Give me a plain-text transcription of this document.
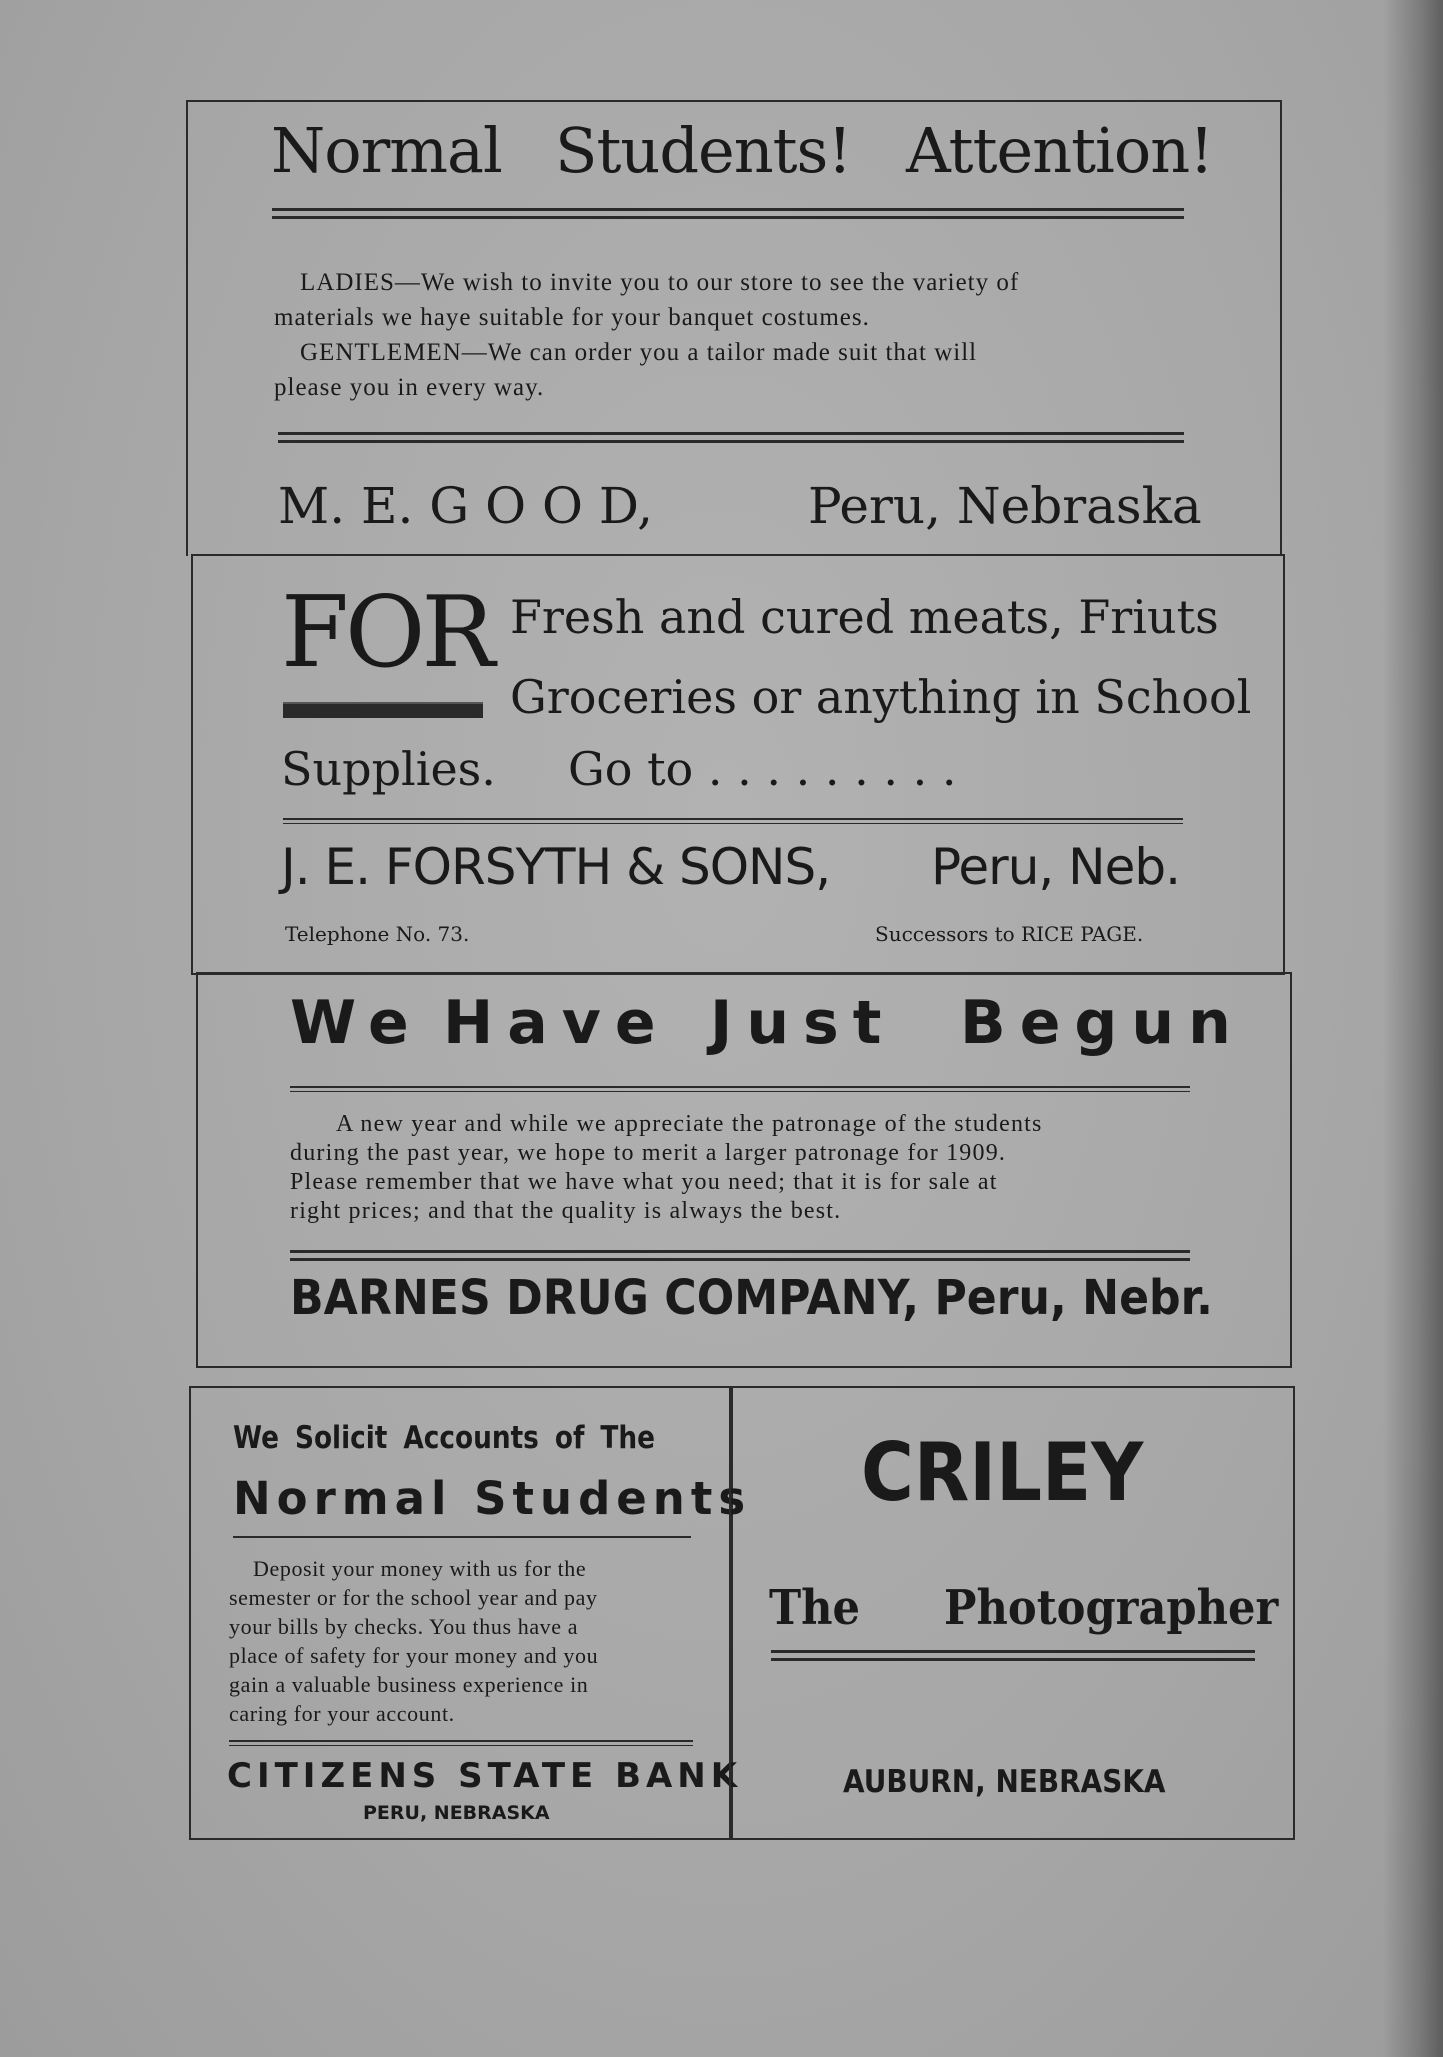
Normal Students! Attention!
LADIES—We wish to invite you to our store to see the variety of
materials we haye suitable for your banquet costumes.
GENTLEMEN—We can order you a tailor made suit that will
please you in every way.
M. E. G O O D,	Peru, Nebraska
FOR Fresh and cured meats, Friuts
Groceries or anything in School
Supplies. Go to . . . . . . . . .
J. E. FORSYTH & SONS, Peru, Neb.
Telephone No. 73.	Successors to RICE PAGE.
We Have Just Begun
A new year and while we appreciate the patronage of the students
during the past year, we hope to merit a larger patronage for 1909.
Please remember that we have what you need; that it is for sale at
right prices; and that the quality is always the best.
BARNES DRUG COMPANY, Peru, Nebr.
We Solicit Accounts of The
Normal Students
Deposit your money with us for the
semester or for the school year and pay
your bills by checks. You thus have a
place of safety for your money and you
gain a valuable business experience in
caring for your account.
CITIZENS STATE BANK
PERU, NEBRASKA
CRILEY
The Photographer
AUBURN, NEBRASKA
